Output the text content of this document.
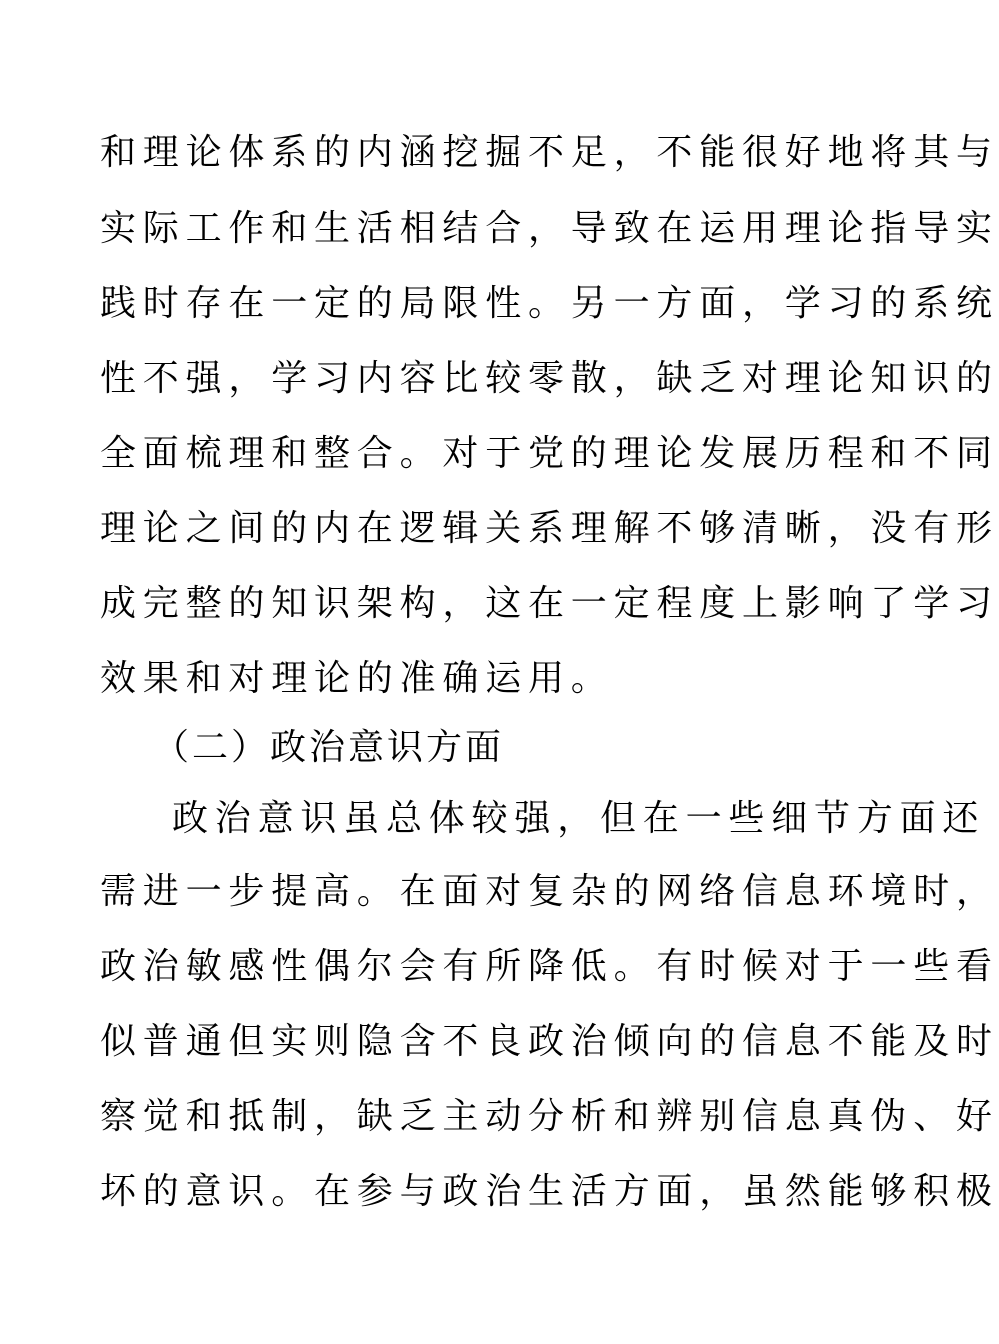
和理论体系的内涵挖掘不足，不能很好地将其与
实际工作和生活相结合，导致在运用理论指导实
践时存在一定的局限性。另一方面，学习的系统
性不强，学习内容比较零散，缺乏对理论知识的
全面梳理和整合。对于党的理论发展历程和不同
理论之间的内在逻辑关系理解不够清晰，没有形
成完整的知识架构，这在一定程度上影响了学习
效果和对理论的准确运用。
（二）政治意识方面
政治意识虽总体较强，但在一些细节方面还
需进一步提高。在面对复杂的网络信息环境时，
政治敏感性偶尔会有所降低。有时候对于一些看
似普通但实则隐含不良政治倾向的信息不能及时
察觉和抵制，缺乏主动分析和辨别信息真伪、好
坏的意识。在参与政治生活方面，虽然能够积极
